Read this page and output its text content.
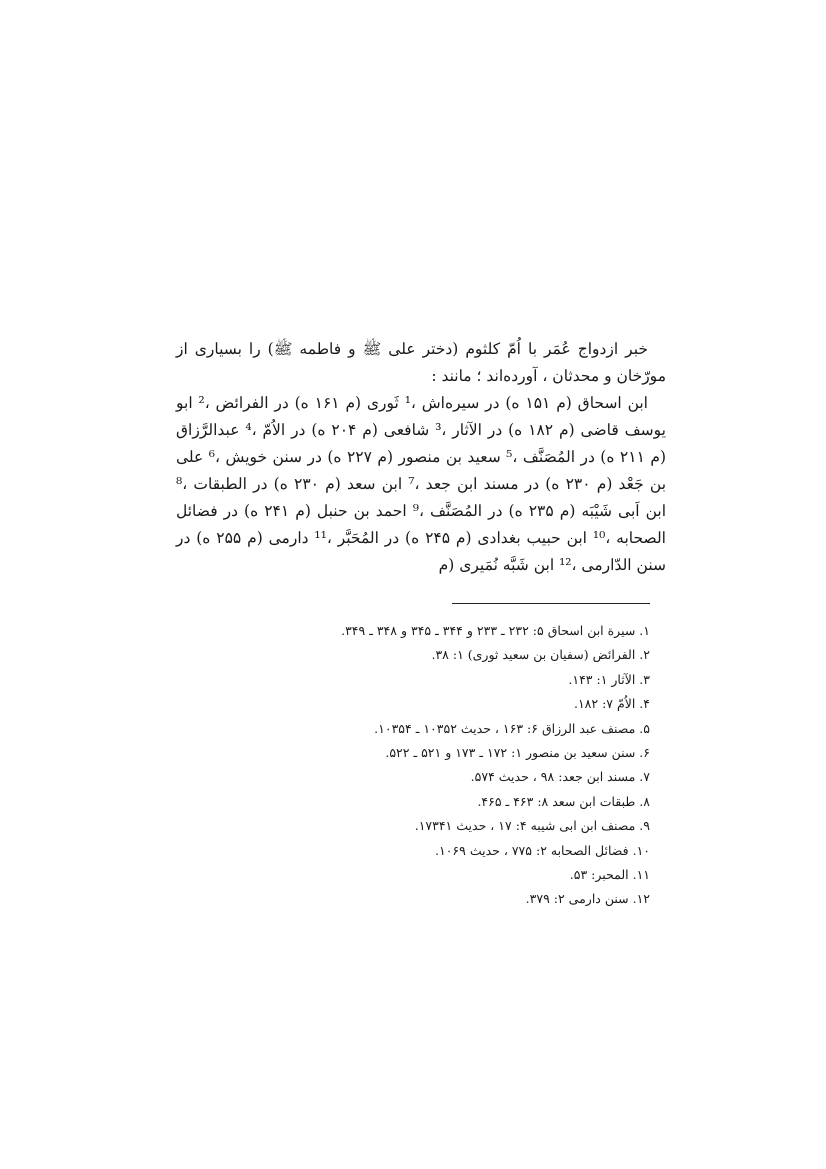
خبر ازدواج عُمَر با اُمّ کلثوم (دختر علی ﷺ و فاطمه ﷺ) را بسیاری از مورّخان و محدثان ، آورده‌اند ؛ مانند :

ابن اسحاق (م ۱۵۱ ه) در سیره‌اش ،¹ ثَوری (م ۱۶۱ ه) در الفرائض ،² ابو یوسف قاضی (م ۱۸۲ ه) در الآثار ،³ شافعی (م ۲۰۴ ه) در الاُمّ ،⁴ عبدالرَّزاق (م ۲۱۱ ه) در المُصَنَّف ،⁵ سعید بن منصور (م ۲۲۷ ه) در سنن خویش ،⁶ علی بن جَعْد (م ۲۳۰ ه) در مسند ابن جعد ،⁷ ابن سعد (م ۲۳۰ ه) در الطبقات ،⁸ ابن اَبی شَیْبَه (م ۲۳۵ ه) در المُصَنَّف ،⁹ احمد بن حنبل (م ۲۴۱ ه) در فضائل الصحابه ،¹⁰ ابن حبیب بغدادی (م ۲۴۵ ه) در المُحَبَّر ،¹¹ دارمی (م ۲۵۵ ه) در سنن الدّارمی ،¹² ابن شَبَّه نُمَیری (م

۱. سیرة ابن اسحاق ۵: ۲۳۲ ـ ۲۳۳ و ۳۴۴ ـ ۳۴۵ و ۳۴۸ ـ ۳۴۹.
۲. الفرائض (سفیان بن سعید ثوری) ۱: ۳۸.
۳. الآثار ۱: ۱۴۳.
۴. الاُمّ ۷: ۱۸۲.
۵. مصنف عبد الرزاق ۶: ۱۶۳ ، حدیث ۱۰۳۵۲ ـ ۱۰۳۵۴.
۶. سنن سعید بن منصور ۱: ۱۷۲ ـ ۱۷۳ و ۵۲۱ ـ ۵۲۲.
۷. مسند ابن جعد: ۹۸ ، حدیث ۵۷۴.
۸. طبقات ابن سعد ۸: ۴۶۳ ـ ۴۶۵.
۹. مصنف ابن ابی شیبه ۴: ۱۷ ، حدیث ۱۷۳۴۱.
۱۰. فضائل الصحابه ۲: ۷۷۵ ، حدیث ۱۰۶۹.
۱۱. المحبر: ۵۳.
۱۲. سنن دارمی ۲: ۳۷۹.
